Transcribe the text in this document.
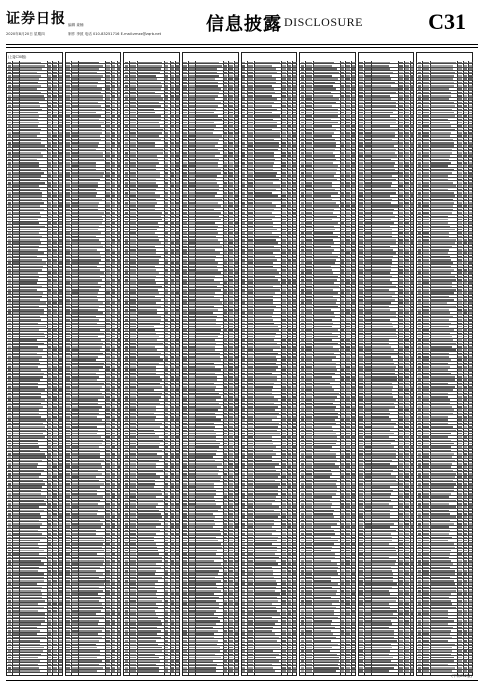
证券日报
2020年8月20日 星期四
编辑 姜楠
制作 李波 电话 010-83251716 E-mail:zmzx@zqrb.net 信息披露 DISCLOSURE	C31
(上接C30版)
(下转C32版)
